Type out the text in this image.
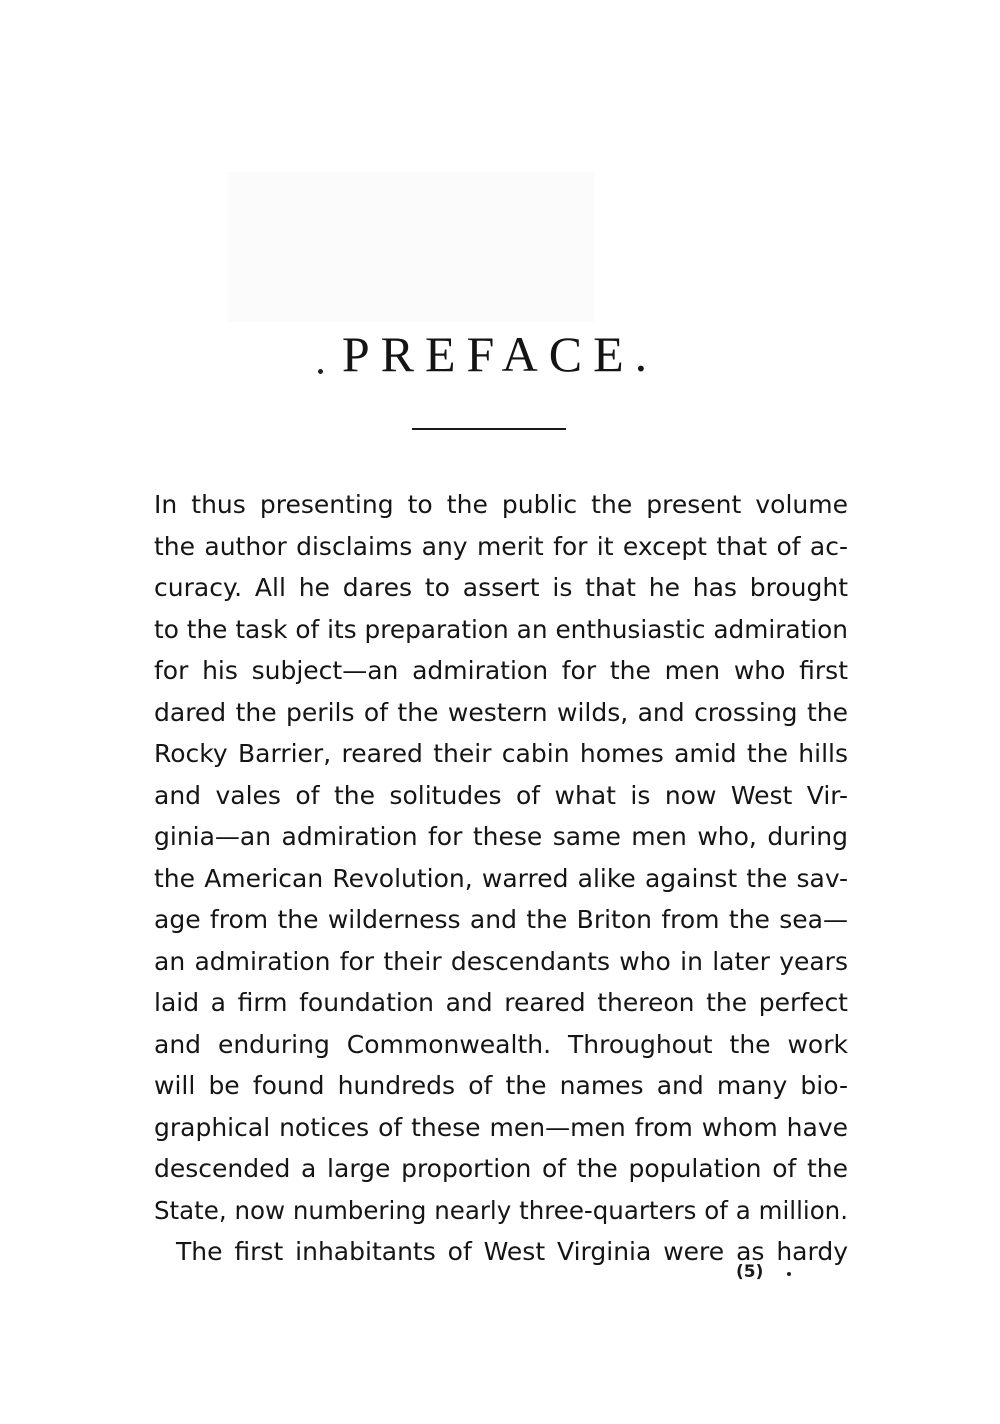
PREFACE.
In thus presenting to the public the present volume
the author disclaims any merit for it except that of ac-
curacy. All he dares to assert is that he has brought
to the task of its preparation an enthusiastic admiration
for his subject—an admiration for the men who first
dared the perils of the western wilds, and crossing the
Rocky Barrier, reared their cabin homes amid the hills
and vales of the solitudes of what is now West Vir-
ginia—an admiration for these same men who, during
the American Revolution, warred alike against the sav-
age from the wilderness and the Briton from the sea—
an admiration for their descendants who in later years
laid a firm foundation and reared thereon the perfect
and enduring Commonwealth. Throughout the work
will be found hundreds of the names and many bio-
graphical notices of these men—men from whom have
descended a large proportion of the population of the
State, now numbering nearly three-quarters of a million.
The first inhabitants of West Virginia were as hardy
(5)
